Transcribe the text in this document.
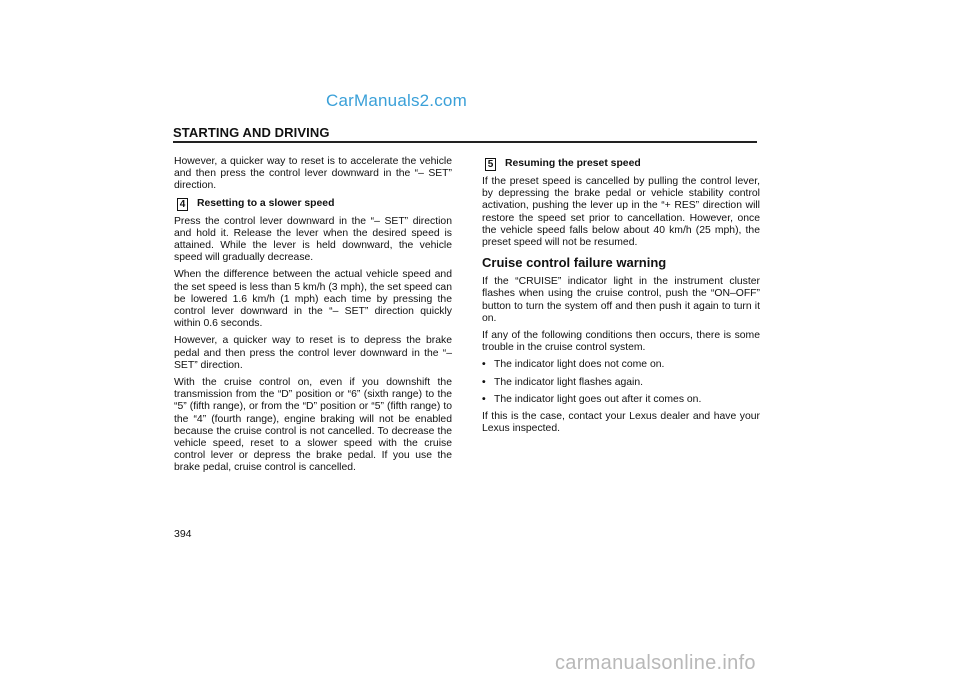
CarManuals2.com
STARTING AND DRIVING

However, a quicker way to reset is to accelerate the vehicle and then press the control lever downward in the “– SET” direction.

4 Resetting to a slower speed

Press the control lever downward in the “– SET” direction and hold it. Release the lever when the desired speed is attained. While the lever is held downward, the vehicle speed will gradually decrease.

When the difference between the actual vehicle speed and the set speed is less than 5 km/h (3 mph), the set speed can be lowered 1.6 km/h (1 mph) each time by pressing the control lever downward in the “– SET” direction quickly within 0.6 seconds.

However, a quicker way to reset is to depress the brake pedal and then press the control lever downward in the “– SET” direction.

With the cruise control on, even if you downshift the transmission from the “D” position or “6” (sixth range) to the “5” (fifth range), or from the “D” position or “5” (fifth range) to the “4” (fourth range), engine braking will not be enabled because the cruise control is not cancelled. To decrease the vehicle speed, reset to a slower speed with the cruise control lever or depress the brake pedal. If you use the brake pedal, cruise control is cancelled.

5 Resuming the preset speed

If the preset speed is cancelled by pulling the control lever, by depressing the brake pedal or vehicle stability control activation, pushing the lever up in the “+ RES” direction will restore the speed set prior to cancellation. However, once the vehicle speed falls below about 40 km/h (25 mph), the preset speed will not be resumed.

Cruise control failure warning

If the “CRUISE” indicator light in the instrument cluster flashes when using the cruise control, push the “ON–OFF” button to turn the system off and then push it again to turn it on.

If any of the following conditions then occurs, there is some trouble in the cruise control system.

• The indicator light does not come on.
• The indicator light flashes again.
• The indicator light goes out after it comes on.

If this is the case, contact your Lexus dealer and have your Lexus inspected.

394
carmanualsonline.info
